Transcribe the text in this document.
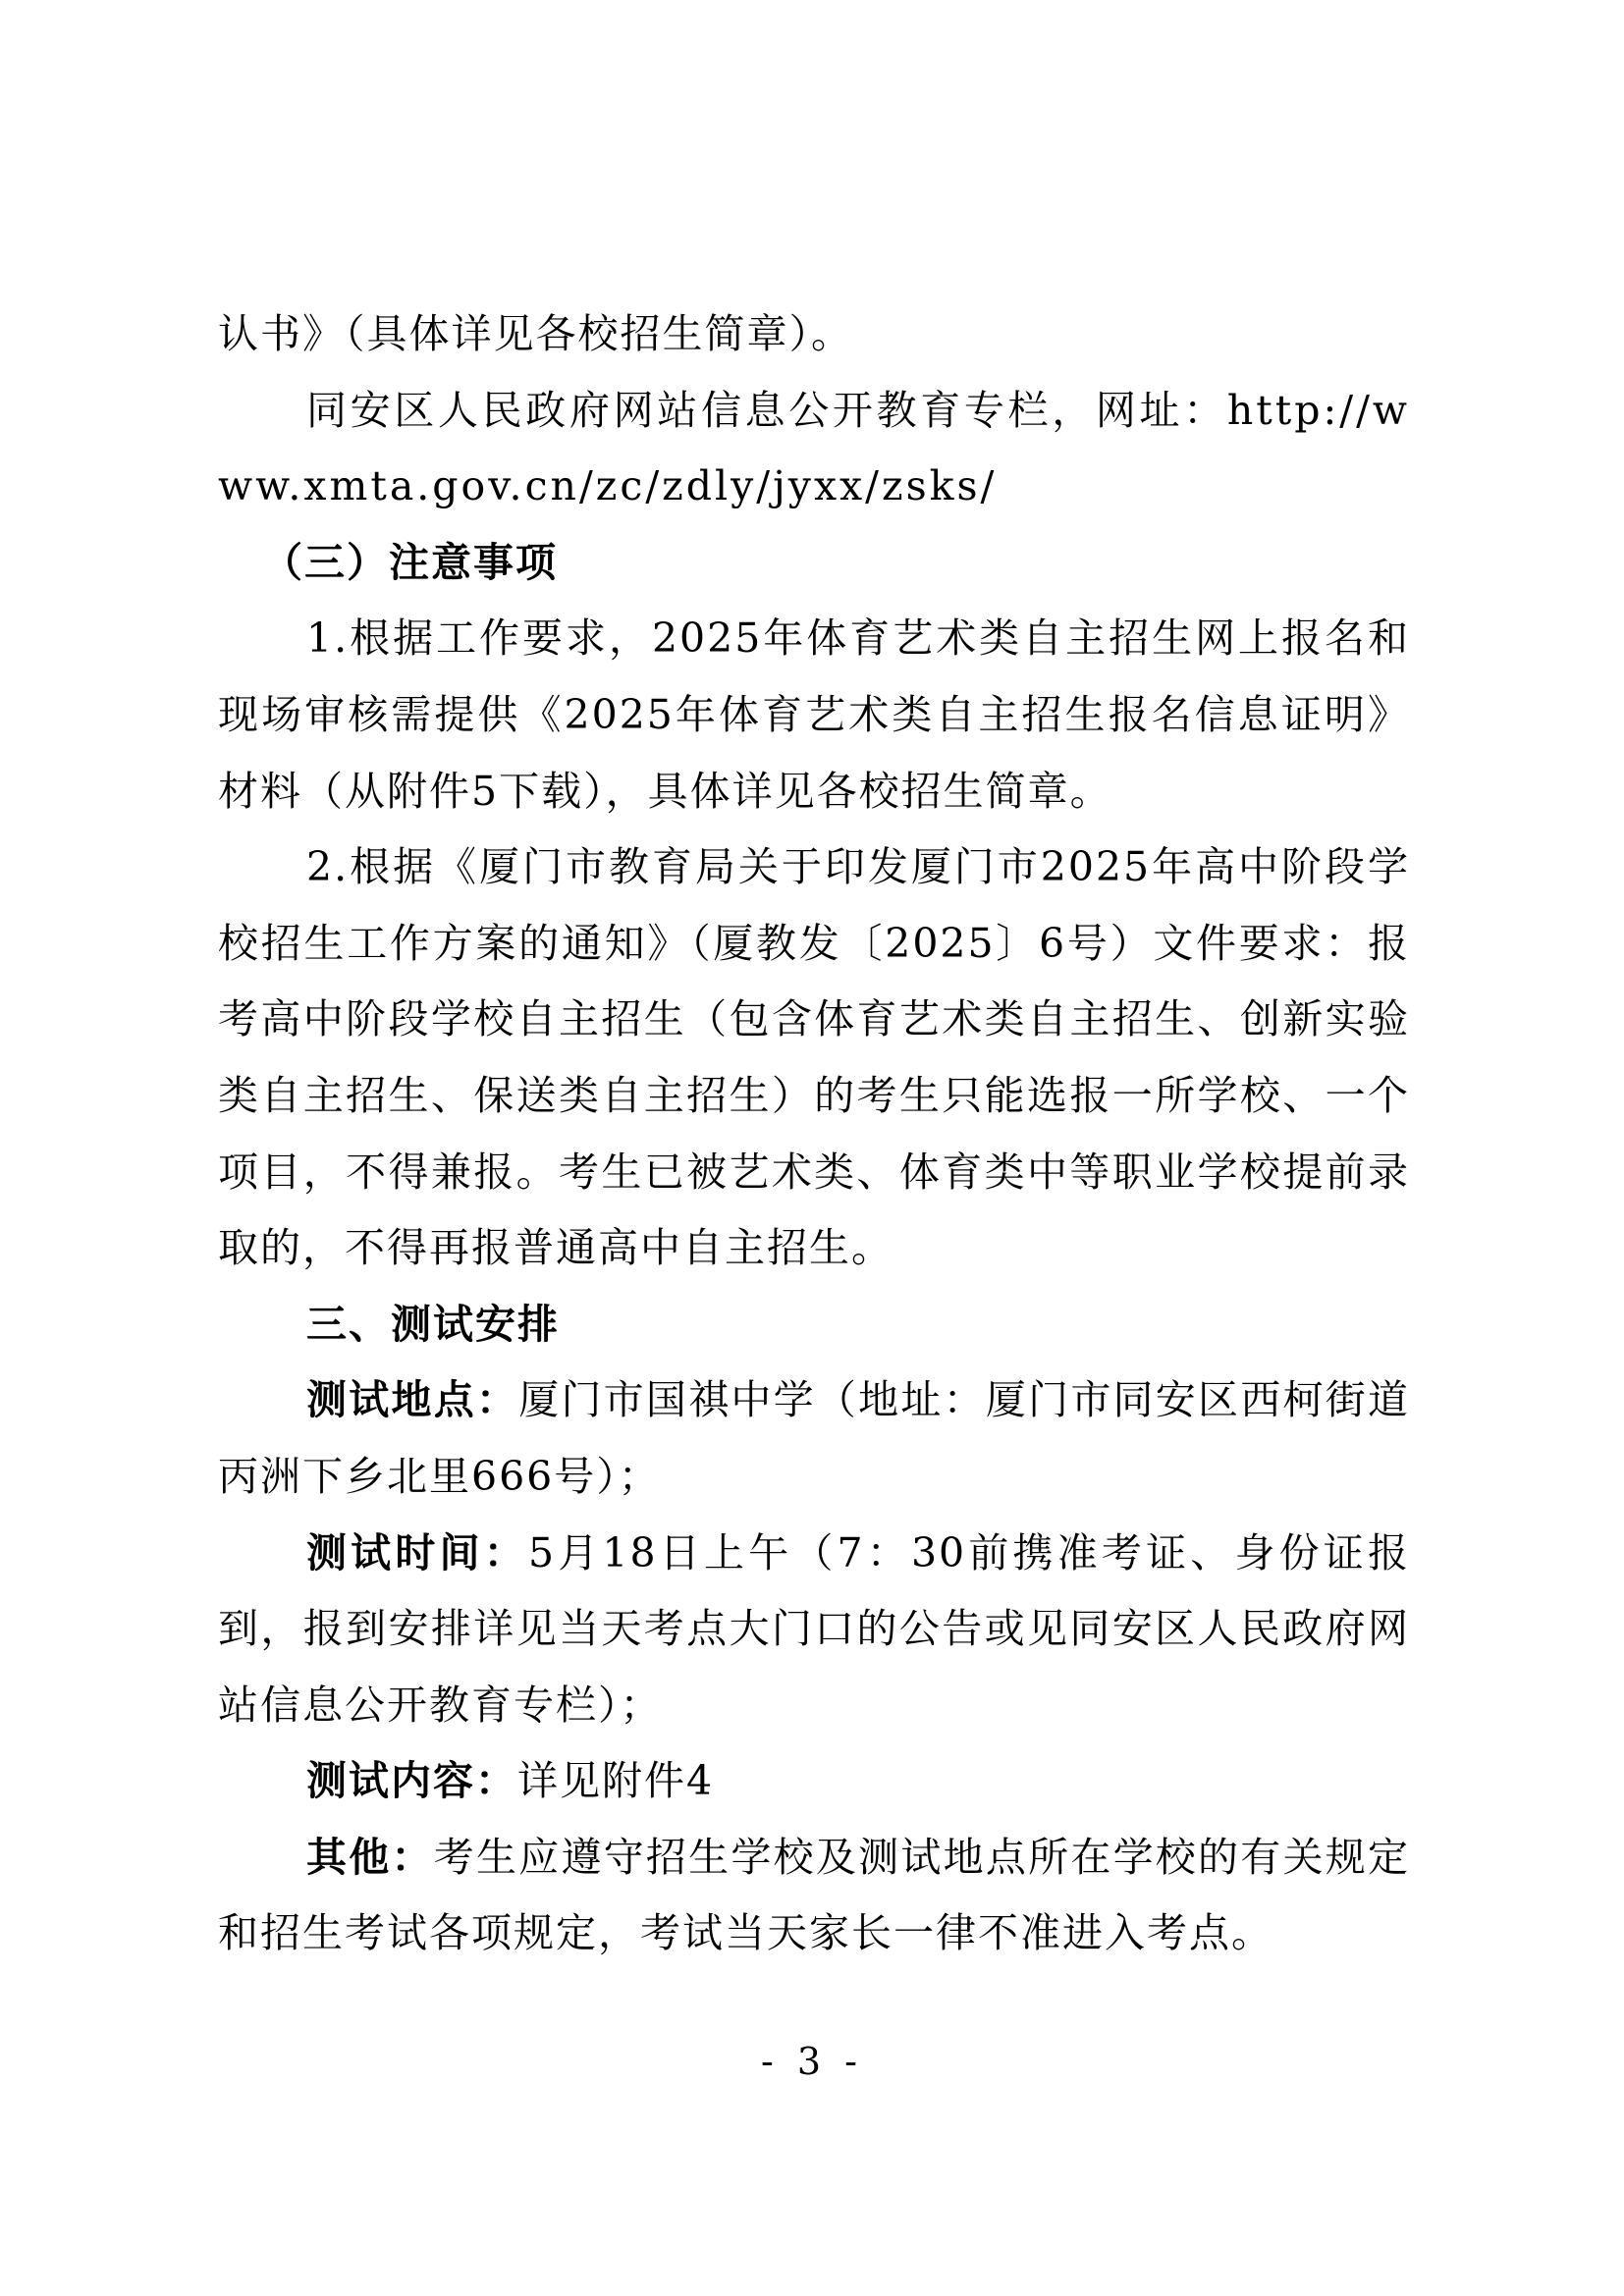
认书》（具体详见各校招生简章）。

同安区人民政府网站信息公开教育专栏，网址：http://www.xmta.gov.cn/zc/zdly/jyxx/zsks/

（三）注意事项

1.根据工作要求，2025年体育艺术类自主招生网上报名和现场审核需提供《2025年体育艺术类自主招生报名信息证明》材料（从附件5下载），具体详见各校招生简章。

2.根据《厦门市教育局关于印发厦门市2025年高中阶段学校招生工作方案的通知》（厦教发〔2025〕6号）文件要求：报考高中阶段学校自主招生（包含体育艺术类自主招生、创新实验类自主招生、保送类自主招生）的考生只能选报一所学校、一个项目，不得兼报。考生已被艺术类、体育类中等职业学校提前录取的，不得再报普通高中自主招生。

三、测试安排

测试地点：厦门市国祺中学（地址：厦门市同安区西柯街道丙洲下乡北里666号）；

测试时间：5月18日上午（7：30前携准考证、身份证报到，报到安排详见当天考点大门口的公告或见同安区人民政府网站信息公开教育专栏）；

测试内容：详见附件4

其他：考生应遵守招生学校及测试地点所在学校的有关规定和招生考试各项规定，考试当天家长一律不准进入考点。

- 3 -
